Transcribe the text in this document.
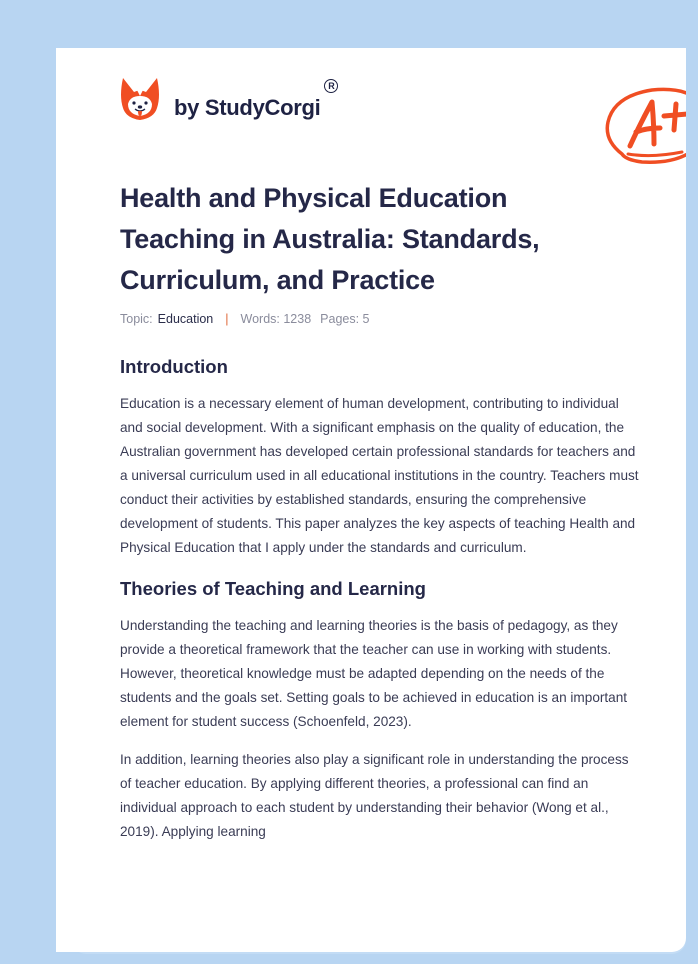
by StudyCorgi
R
Health and Physical Education Teaching in Australia: Standards, Curriculum, and Practice
Topic: Education | Words: 1238 Pages: 5
Introduction

Education is a necessary element of human development, contributing to individual and social development. With a significant emphasis on the quality of education, the Australian government has developed certain professional standards for teachers and a universal curriculum used in all educational institutions in the country. Teachers must conduct their activities by established standards, ensuring the comprehensive development of students. This paper analyzes the key aspects of teaching Health and Physical Education that I apply under the standards and curriculum.

Theories of Teaching and Learning

Understanding the teaching and learning theories is the basis of pedagogy, as they provide a theoretical framework that the teacher can use in working with students. However, theoretical knowledge must be adapted depending on the needs of the students and the goals set. Setting goals to be achieved in education is an important element for student success (Schoenfeld, 2023).

In addition, learning theories also play a significant role in understanding the process of teacher education. By applying different theories, a professional can find an individual approach to each student by understanding their behavior (Wong et al., 2019). Applying learning
